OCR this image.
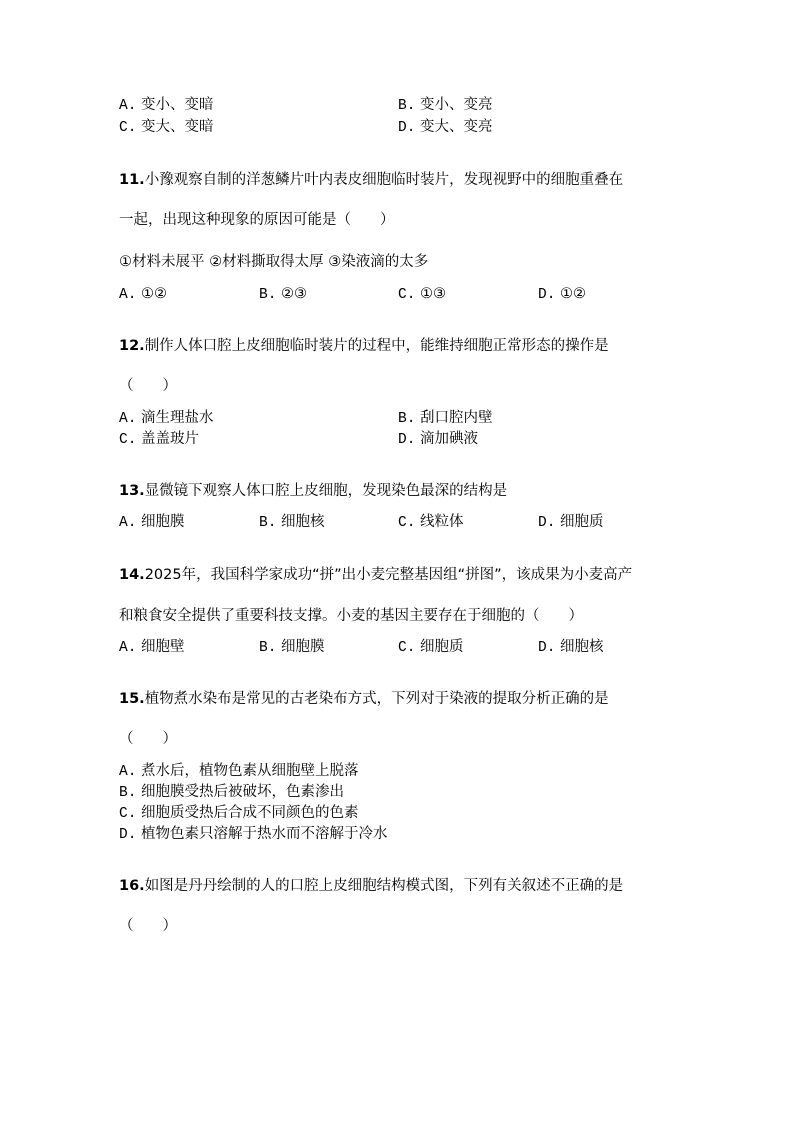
A. 变小、变暗	B. 变小、变亮
C. 变大、变暗	D. 变大、变亮
11.小豫观察自制的洋葱鳞片叶内表皮细胞临时装片，发现视野中的细胞重叠在
一起，出现这种现象的原因可能是（　　）
①材料未展平 ②材料撕取得太厚 ③染液滴的太多
A. ①②	B. ②③	C. ①③	D. ①②
12.制作人体口腔上皮细胞临时装片的过程中，能维持细胞正常形态的操作是
（　　）
A. 滴生理盐水	B. 刮口腔内壁
C. 盖盖玻片	D. 滴加碘液
13.显微镜下观察人体口腔上皮细胞，发现染色最深的结构是
A. 细胞膜	B. 细胞核	C. 线粒体	D. 细胞质
14.2025年，我国科学家成功“拼”出小麦完整基因组“拼图”，该成果为小麦高产
和粮食安全提供了重要科技支撑。小麦的基因主要存在于细胞的（　　）
A. 细胞壁	B. 细胞膜	C. 细胞质	D. 细胞核
15.植物煮水染布是常见的古老染布方式，下列对于染液的提取分析正确的是
（　　）
A. 煮水后，植物色素从细胞壁上脱落
B. 细胞膜受热后被破坏，色素渗出
C. 细胞质受热后合成不同颜色的色素
D. 植物色素只溶解于热水而不溶解于冷水
16.如图是丹丹绘制的人的口腔上皮细胞结构模式图，下列有关叙述不正确的是
（　　）
